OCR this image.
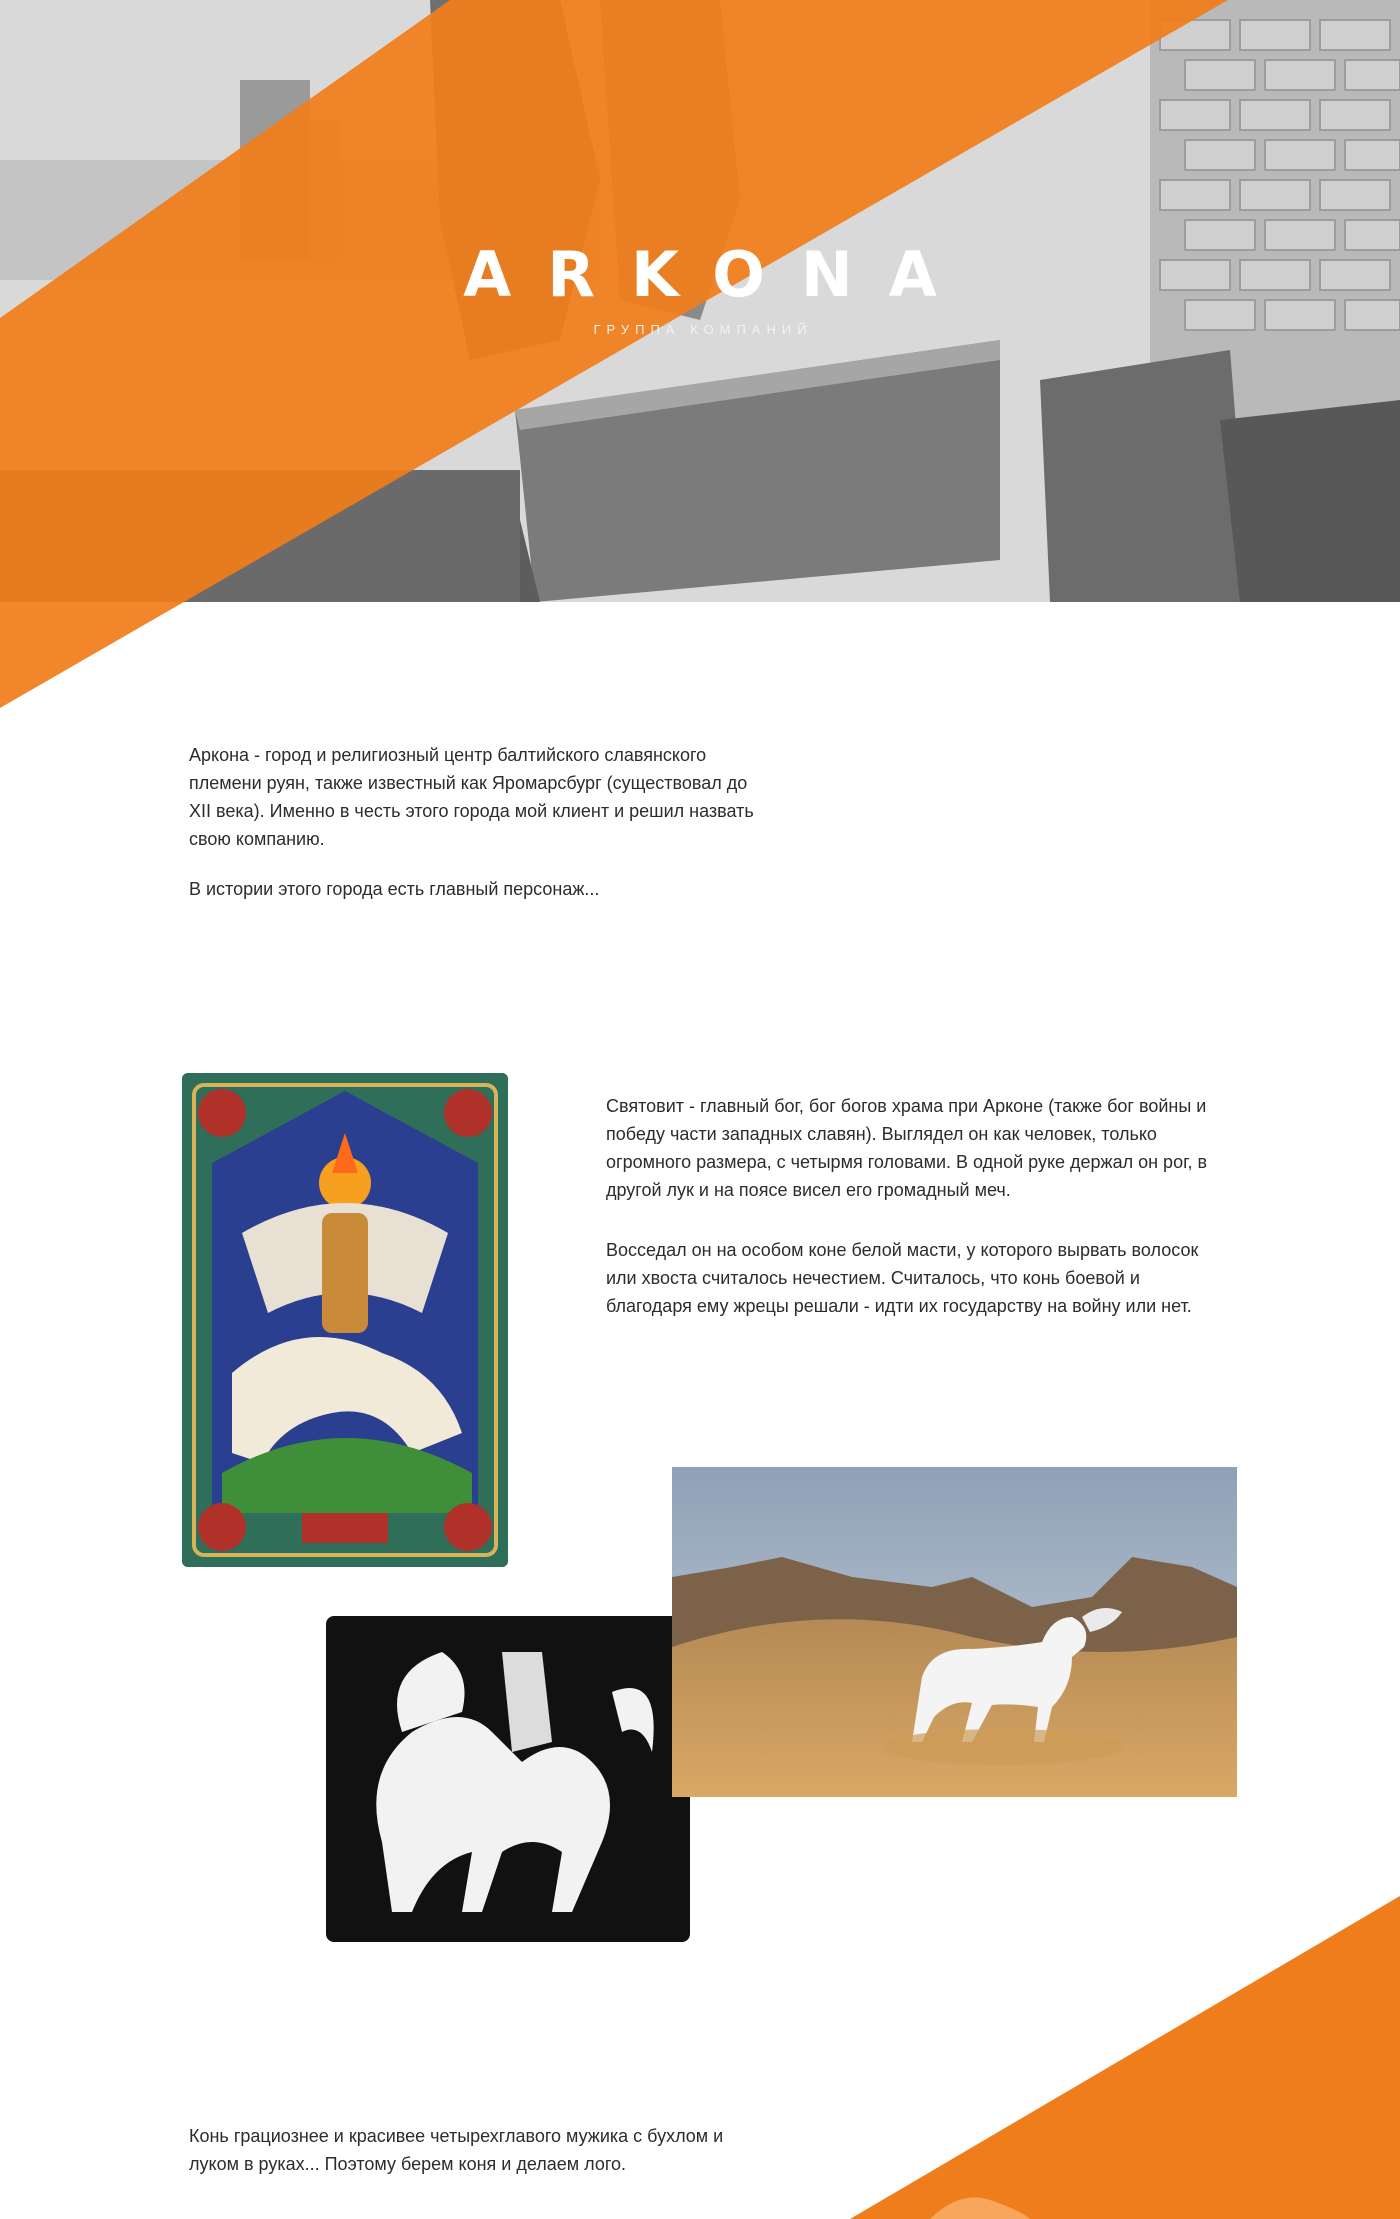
ARKONA
ГРУППА КОМПАНИЙ

Аркона - город и религиозный центр балтийского славянского племени руян, также известный как Яромарсбург (существовал до XII века). Именно в честь этого города мой клиент и решил назвать свою компанию.

В истории этого города есть главный персонаж...

Святовит - главный бог, бог богов храма при Арконе (также бог войны и победу части западных славян). Выглядел он как человек, только огромного размера, с четырмя головами. В одной руке держал он рог, в другой лук и на поясе висел его громадный меч.

Восседал он на особом коне белой масти, у которого вырвать волосок или хвоста считалось нечестием. Считалось, что конь боевой и благодаря ему жрецы решали - идти их государству на войну или нет.

Конь грациознее и красивее четырехглавого мужика с бухлом и луком в руках... Поэтому берем коня и делаем лого.
